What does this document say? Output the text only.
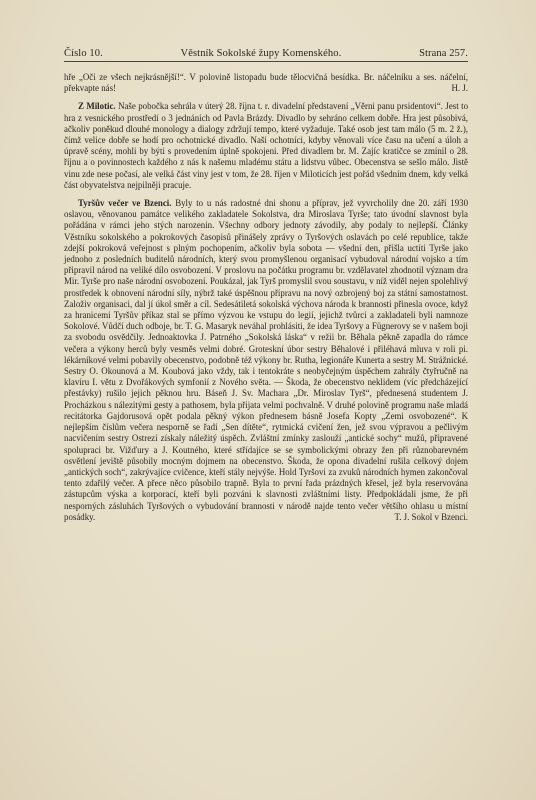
Číslo 10.	Věstník Sokolské župy Komenského.	Strana 257.

hře „Oči ze všech nejkrásnější!“. V polovině listopadu bude tělocvičná besídka. Br. náčelníku a ses. náčelní, překvapte nás!	H. J.

Z Milotic. Naše pobočka sehrála v úterý 28. října t. r. divadelní představení „Věrni panu prsidentovi“. Jest to hra z vesnického prostředí o 3 jednáních od Pavla Brázdy. Divadlo by sehráno celkem dobře. Hra jest působivá, ačkoliv poněkud dlouhé monology a dialogy zdržují tempo, které vyžaduje. Také osob jest tam málo (5 m. 2 ž.), čímž velice dobře se hodí pro ochotnické divadlo. Naši ochotníci, kdyby věnovali více času na učení a úloh a úpravě scény, mohli by býti s provedením úplně spokojeni. Před divadlem br. M. Zajíc kratičce se zmínil o 28. říjnu a o povinnostech každého z nás k našemu mladému státu a lidstvu vůbec. Obecenstva se sešlo málo. Jistě vinu zde nese počasí, ale velká část viny jest v tom, že 28. říjen v Miloticích jest pořád všedním dnem, kdy velká část obyvatelstva nejpilněji pracuje.

Tyršův večer ve Bzenci. Byly to u nás radostné dni shonu a příprav, jež vyvrcholily dne 20. září 1930 oslavou, věnovanou památce velikého zakladatele Sokolstva, dra Miroslava Tyrše; tato úvodní slavnost byla pořádána v rámci jeho stých narozenin. Všechny odbory jednoty závodily, aby podaly to nejlepší. Články Věstníku sokolského a pokrokových časopisů přinášely zprávy o Tyršových oslavách po celé republice, takže zdejší pokroková veřejnost s plným pochopením, ačkoliv byla sobota — všední den, přišla uctíti Tyrše jako jednoho z posledních buditelů národních, který svou promyšlenou organisací vybudoval národní vojsko a tím připravil národ na veliké dílo osvobození. V proslovu na počátku programu br. vzdělavatel zhodnotil význam dra Mir. Tyrše pro naše národní osvobození. Poukázal, jak Tyrš promyslil svou soustavu, v níž viděl nejen spolehlivý prostředek k obnovení národní síly, nýbrž také úspěšnou přípravu na nový ozbrojený boj za státní samostatnost. Založiv organisaci, dal jí úkol směr a cíl. Sedesátiletá sokolská výchova národa k brannosti přinesla ovoce, když za hranicemi Tyršův příkaz stal se přímo výzvou ke vstupu do legií, jejichž tvůrci a zakladateli byli namnoze Sokolové. Vůdčí duch odboje, br. T. G. Masaryk neváhal prohlásiti, že idea Tyršovy a Fügnerovy se v našem boji za svobodu osvědčily. Jednoaktovka J. Patrného „Sokolská láska“ v režii br. Běhala pěkně zapadla do rámce večera a výkony herců byly vesměs velmi dobré. Groteskní úbor sestry Běhalové i přiléhavá mluva v roli pi. lékárníkové velmi pobavily obecenstvo, podobně též výkony br. Rutha, legionáře Kunerta a sestry M. Strážnické. Sestry O. Okounová a M. Koubová jako vždy, tak i tentokráte s neobyčejným úspěchem zahrály čtyřručně na klavíru I. větu z Dvořákových symfonií z Nového světa. — Škoda, že obecenstvo neklidem (víc předcházející přestávky) rušilo jejich pěknou hru. Báseň J. Sv. Machara „Dr. Miroslav Tyrš“, přednesená studentem J. Procházkou s nálezitými gesty a pathosem, byla přijata velmi pochvalně. V druhé polovině programu naše mladá recitátorka Gajdorusová opět podala pěkný výkon přednesem básně Josefa Kopty „Zemi osvobozené“. K nejlepším číslům večera nesporně se řadí „Sen dítěte“, rytmická cvičení žen, jež svou výpravou a pečlivým nacvičením sestry Ostrezí získaly náležitý úspěch. Zvláštní zmínky zaslouží „antické sochy“ mužů, připravené spolupraci br. Vižďury a J. Koutného, které střídajíce se se symbolickými obrazy žen při různobarevném osvětlení jeviště působily mocným dojmem na obecenstvo. Škoda, že opona divadelní rušila celkový dojem „antických soch“, zakrývajíce cvičence, kteří stály nejvýše. Hold Tyršovi za zvuků národních hymen zakončoval tento zdařilý večer. A přece něco působilo trapně. Byla to první řada prázdných křesel, jež byla reservována zástupcům výska a korporací, kteří byli pozváni k slavnosti zvláštními listy. Předpokládali jsme, že při nesporných zásluhách Tyršových o vybudování brannosti v národě najde tento večer většího ohlasu u místní posádky.	T. J. Sokol v Bzenci.
